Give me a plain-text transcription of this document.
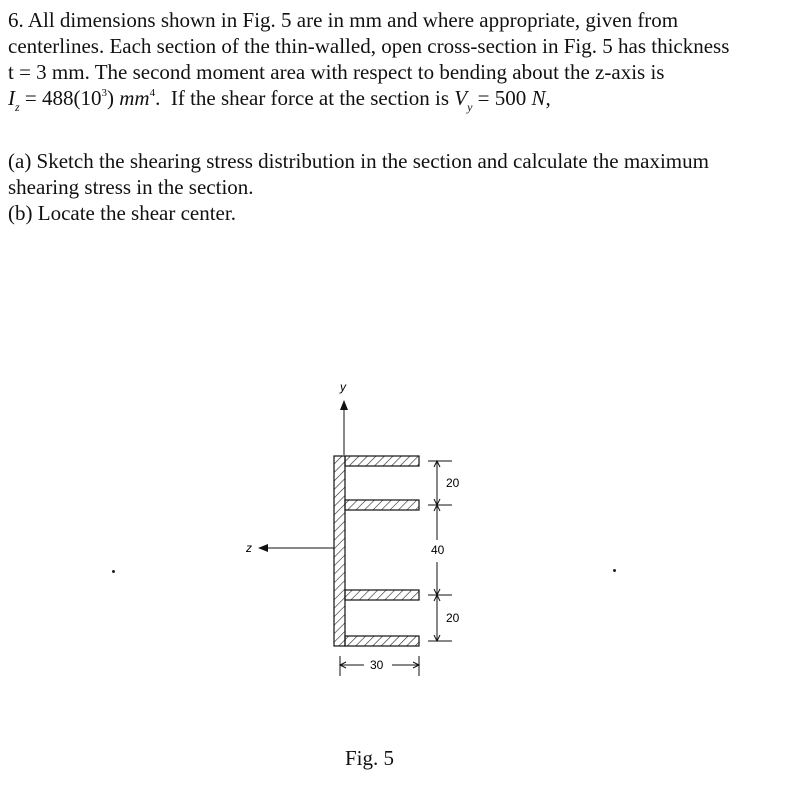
6. All dimensions shown in Fig. 5 are in mm and where appropriate, given from
centerlines. Each section of the thin-walled, open cross-section in Fig. 5 has thickness
t = 3 mm. The second moment area with respect to bending about the z-axis is
$I_z = 488(10^3)$ $mm^4$. If the shear force at the section is $V_y = 500$ N,
(a) Sketch the shearing stress distribution in the section and calculate the maximum
shearing stress in the section.
(b) Locate the shear center.
y
z
20
40
20
30
Fig. 5
